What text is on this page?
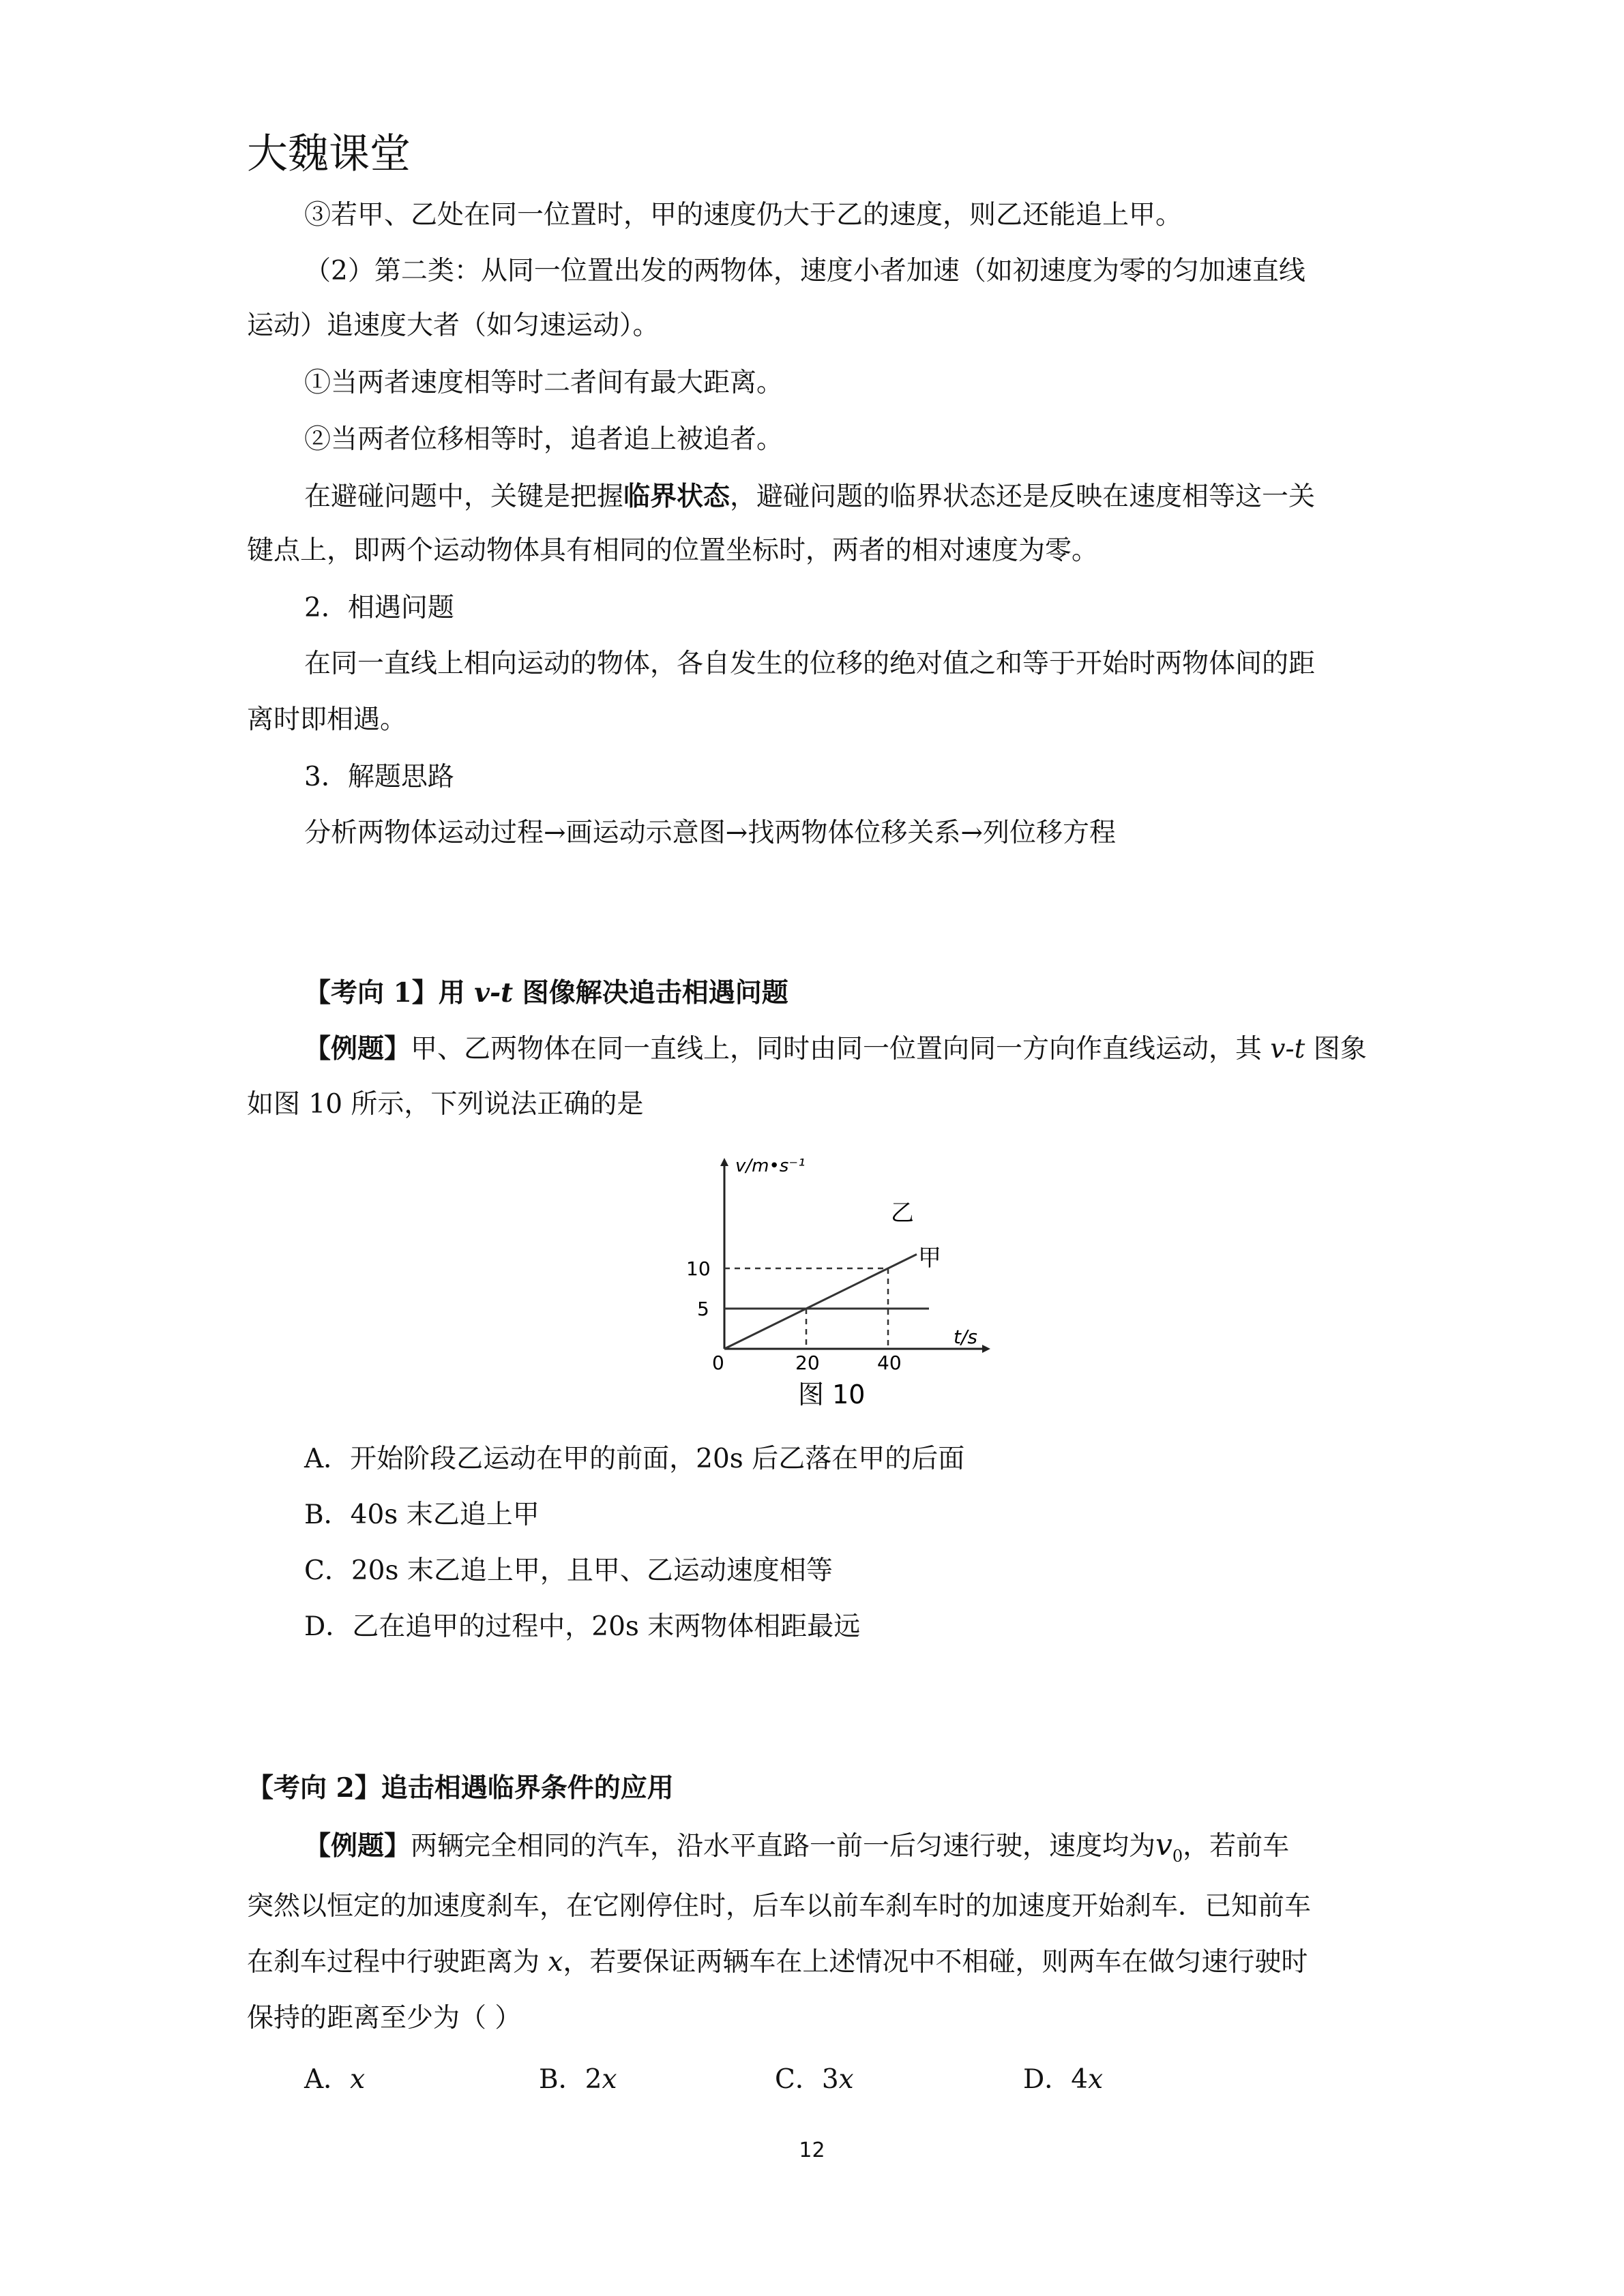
大魏课堂
③若甲、乙处在同一位置时，甲的速度仍大于乙的速度，则乙还能追上甲。
（2）第二类：从同一位置出发的两物体，速度小者加速（如初速度为零的匀加速直线
运动）追速度大者（如匀速运动）。
①当两者速度相等时二者间有最大距离。
②当两者位移相等时，追者追上被追者。
在避碰问题中，关键是把握临界状态，避碰问题的临界状态还是反映在速度相等这一关
键点上，即两个运动物体具有相同的位置坐标时，两者的相对速度为零。
2．相遇问题
在同一直线上相向运动的物体，各自发生的位移的绝对值之和等于开始时两物体间的距
离时即相遇。
3．解题思路
分析两物体运动过程→画运动示意图→找两物体位移关系→列位移方程
【考向 1】用 v-t 图像解决追击相遇问题
【例题】甲、乙两物体在同一直线上，同时由同一位置向同一方向作直线运动，其 v-t 图象
如图 10 所示，下列说法正确的是
v/m•s⁻¹
t/s
0
5
10
20	40
乙
甲
图 10
A．开始阶段乙运动在甲的前面，20s 后乙落在甲的后面
B．40s 末乙追上甲
C．20s 末乙追上甲，且甲、乙运动速度相等
D．乙在追甲的过程中，20s 末两物体相距最远
【考向 2】追击相遇临界条件的应用
【例题】两辆完全相同的汽车，沿水平直路一前一后匀速行驶，速度均为$v_0$，若前车
突然以恒定的加速度刹车，在它刚停住时，后车以前车刹车时的加速度开始刹车．已知前车
在刹车过程中行驶距离为 x，若要保证两辆车在上述情况中不相碰，则两车在做匀速行驶时
保持的距离至少为（ ）
A．x	B．2x	C．3x	D．4x
12
